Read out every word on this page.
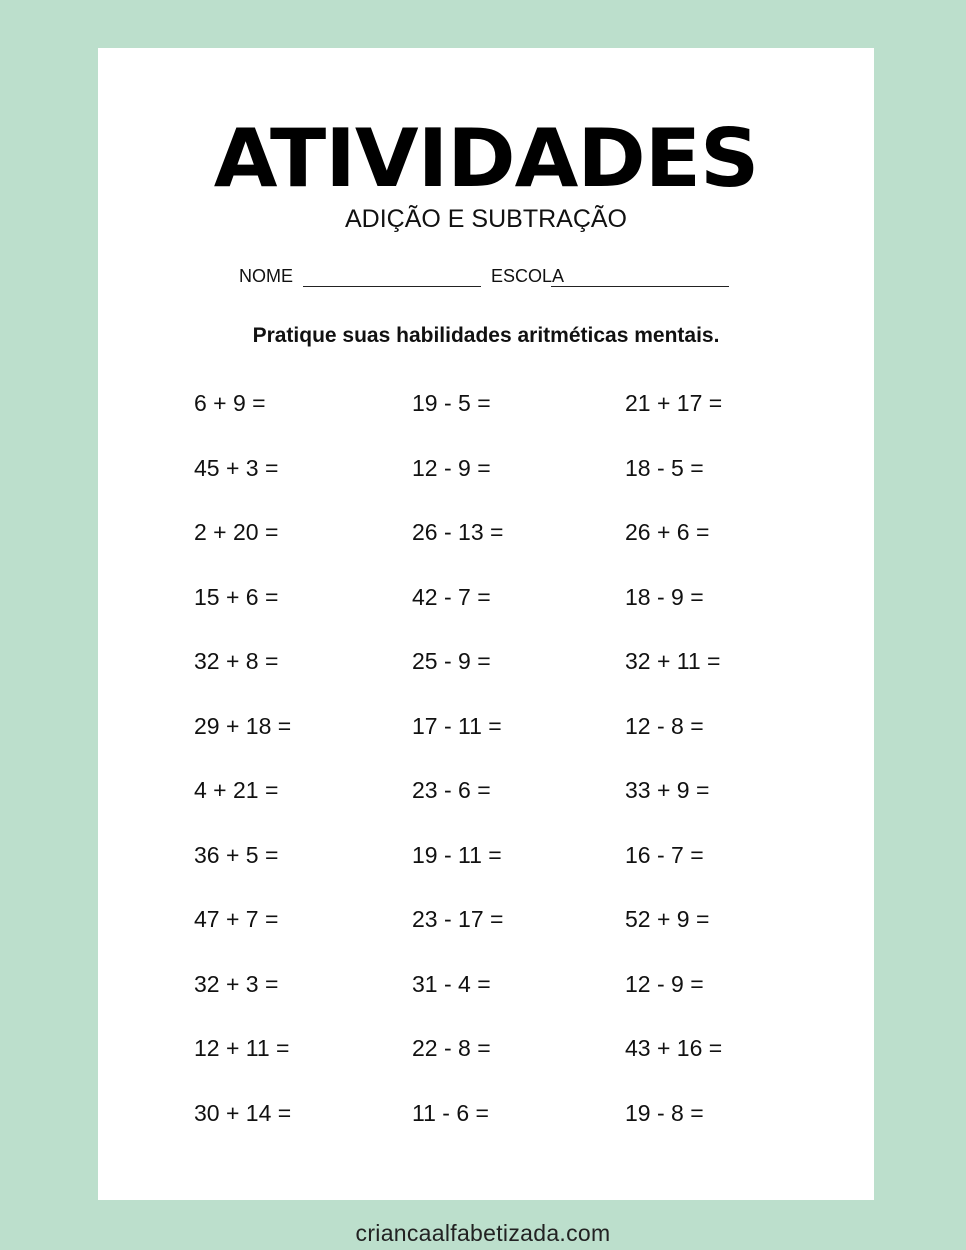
ATIVIDADES
ADIÇÃO E SUBTRAÇÃO
NOME	ESCOLA
Pratique suas habilidades aritméticas mentais.
6 + 9 =	19 - 5 =	21 + 17 =
45 + 3 =	12 - 9 =	18 - 5 =
2 + 20 =	26 - 13 =	26 + 6 =
15 + 6 =	42 - 7 =	18 - 9 =
32 + 8 =	25 - 9 =	32 + 11 =
29 + 18 =	17 - 11 =	12 - 8 =
4 + 21 =	23 - 6 =	33 + 9 =
36 + 5 =	19 - 11 =	16 - 7 =
47 + 7 =	23 - 17 =	52 + 9 =
32 + 3 =	31 - 4 =	12 - 9 =
12 + 11 =	22 - 8 =	43 + 16 =
30 + 14 =	11 - 6 =	19 - 8 =
criancaalfabetizada.com
